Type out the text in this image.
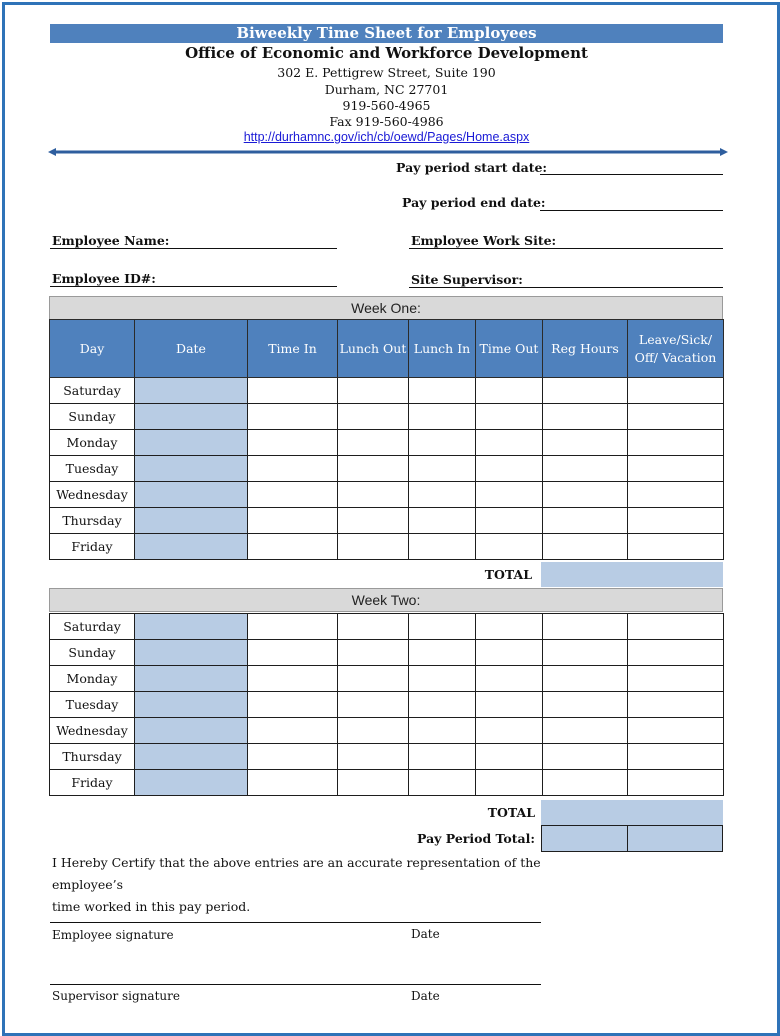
Biweekly Time Sheet for Employees
Office of Economic and Workforce Development
302 E. Pettigrew Street, Suite 190
Durham, NC 27701
919-560-4965
Fax 919-560-4986
http://durhamnc.gov/ich/cb/oewd/Pages/Home.aspx
Pay period start date:
Pay period end date:
Employee Name:	Employee Work Site:
Employee ID#:	Site Supervisor:
Week One:
Day	Date	Time In	Lunch Out	Lunch In	Time Out	Reg Hours	Leave/Sick/ Off/ Vacation
Saturday							
Sunday							
Monday							
Tuesday							
Wednesday							
Thursday							
Friday							
TOTAL
Week Two:
Saturday							
Sunday							
Monday							
Tuesday							
Wednesday							
Thursday							
Friday							
TOTAL
Pay Period Total:
I Hereby Certify that the above entries are an accurate representation of the employee’s
time worked in this pay period.
Employee signature	Date
Supervisor signature	Date
